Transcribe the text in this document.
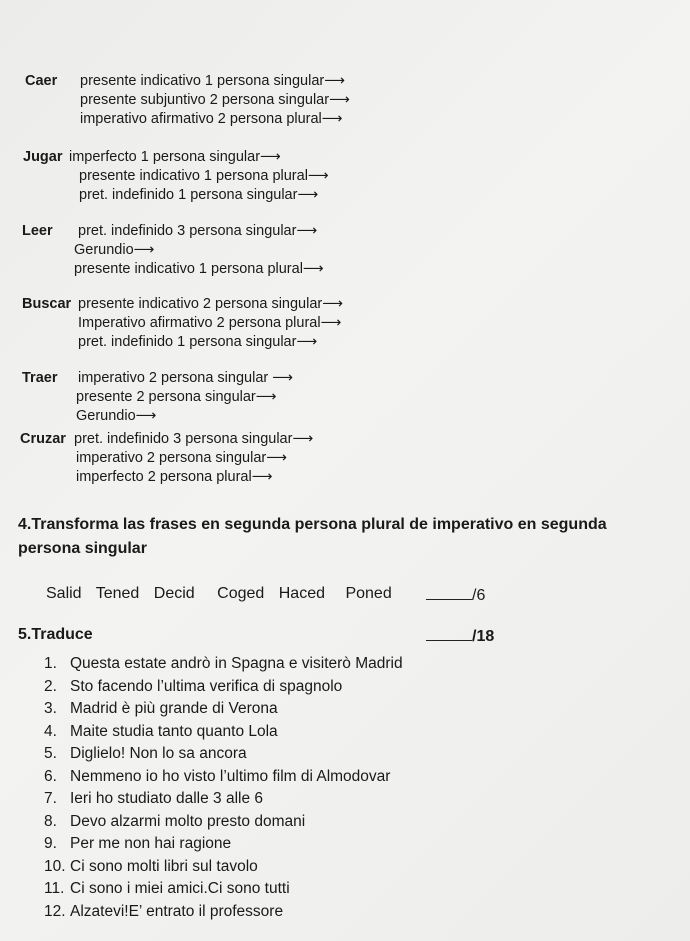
Caer presente indicativo 1 persona singular⟶
presente subjuntivo 2 persona singular⟶
imperativo afirmativo 2 persona plural⟶
Jugar imperfecto 1 persona singular⟶
presente indicativo 1 persona plural⟶
pret. indefinido 1 persona singular⟶
Leer pret. indefinido 3 persona singular⟶
Gerundio⟶
presente indicativo 1 persona plural⟶
Buscar presente indicativo 2 persona singular⟶
Imperativo afirmativo 2 persona plural⟶
pret. indefinido 1 persona singular⟶
Traer imperativo 2 persona singular ⟶
presente 2 persona singular⟶
Gerundio⟶
Cruzar pret. indefinido 3 persona singular⟶
imperativo 2 persona singular⟶
imperfecto 2 persona plural⟶
4.Transforma las frases en segunda persona plural de imperativo en segunda persona singular
Salid Tened Decid Coged Haced Poned	/6
5.Traduce	/18
1. Questa estate andrò in Spagna e visiterò Madrid
2. Sto facendo l’ultima verifica di spagnolo
3. Madrid è più grande di Verona
4. Maite studia tanto quanto Lola
5. Diglielo! Non lo sa ancora
6. Nemmeno io ho visto l’ultimo film di Almodovar
7. Ieri ho studiato dalle 3 alle 6
8. Devo alzarmi molto presto domani
9. Per me non hai ragione
10. Ci sono molti libri sul tavolo
11. Ci sono i miei amici.Ci sono tutti
12. Alzatevi!E’ entrato il professore
